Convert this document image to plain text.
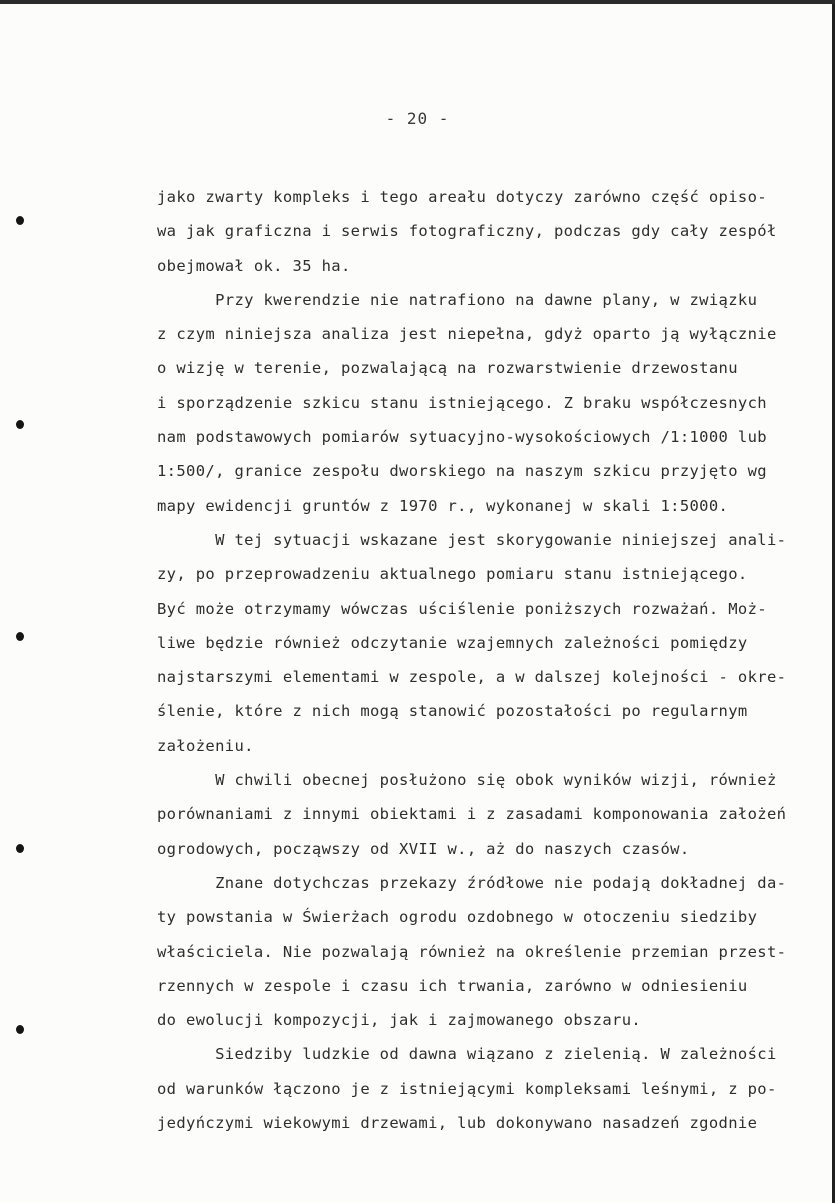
- 20 -
jako zwarty kompleks i tego areału dotyczy zarówno część opiso-
wa jak graficzna i serwis fotograficzny, podczas gdy cały zespół
obejmował ok. 35 ha.
Przy kwerendzie nie natrafiono na dawne plany, w związku
z czym niniejsza analiza jest niepełna, gdyż oparto ją wyłącznie
o wizję w terenie, pozwalającą na rozwarstwienie drzewostanu
i sporządzenie szkicu stanu istniejącego. Z braku współczesnych
nam podstawowych pomiarów sytuacyjno-wysokościowych /1:1000 lub
1:500/, granice zespołu dworskiego na naszym szkicu przyjęto wg
mapy ewidencji gruntów z 1970 r., wykonanej w skali 1:5000.
W tej sytuacji wskazane jest skorygowanie niniejszej anali-
zy, po przeprowadzeniu aktualnego pomiaru stanu istniejącego.
Być może otrzymamy wówczas uściślenie poniższych rozważań. Moż-
liwe będzie również odczytanie wzajemnych zależności pomiędzy
najstarszymi elementami w zespole, a w dalszej kolejności - okre-
ślenie, które z nich mogą stanowić pozostałości po regularnym
założeniu.
W chwili obecnej posłużono się obok wyników wizji, również
porównaniami z innymi obiektami i z zasadami komponowania założeń
ogrodowych, począwszy od XVII w., aż do naszych czasów.
Znane dotychczas przekazy źródłowe nie podają dokładnej da-
ty powstania w Świerżach ogrodu ozdobnego w otoczeniu siedziby
właściciela. Nie pozwalają również na określenie przemian przest-
rzennych w zespole i czasu ich trwania, zarówno w odniesieniu
do ewolucji kompozycji, jak i zajmowanego obszaru.
Siedziby ludzkie od dawna wiązano z zielenią. W zależności
od warunków łączono je z istniejącymi kompleksami leśnymi, z po-
jedyńczymi wiekowymi drzewami, lub dokonywano nasadzeń zgodnie
